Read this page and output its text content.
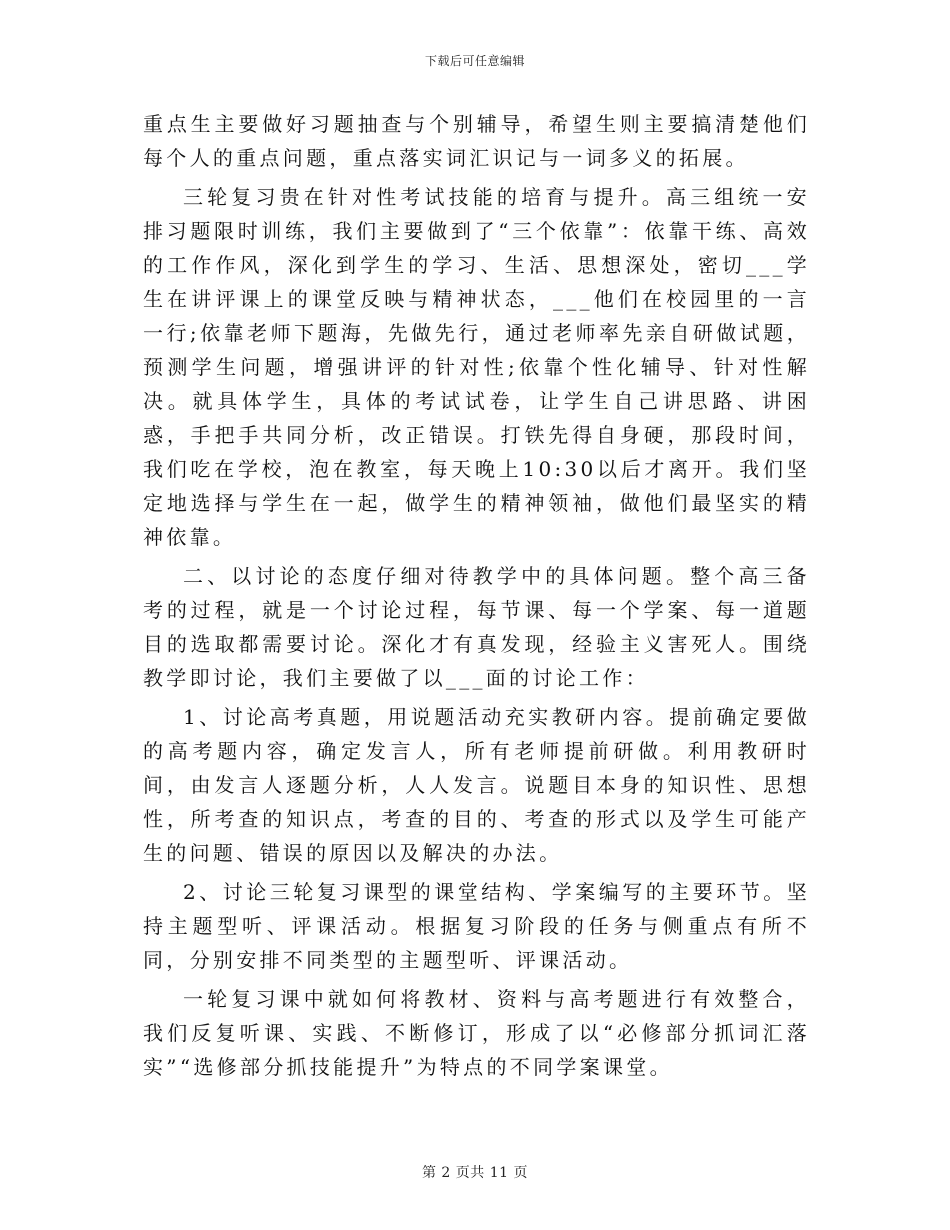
下载后可任意编辑

重点生主要做好习题抽查与个别辅导，希望生则主要搞清楚他们每个人的重点问题，重点落实词汇识记与一词多义的拓展。

三轮复习贵在针对性考试技能的培育与提升。高三组统一安排习题限时训练，我们主要做到了“三个依靠”：依靠干练、高效的工作作风，深化到学生的学习、生活、思想深处，密切___学生在讲评课上的课堂反映与精神状态，___他们在校园里的一言一行;依靠老师下题海，先做先行，通过老师率先亲自研做试题，预测学生问题，增强讲评的针对性;依靠个性化辅导、针对性解决。就具体学生，具体的考试试卷，让学生自己讲思路、讲困惑，手把手共同分析，改正错误。打铁先得自身硬，那段时间，我们吃在学校，泡在教室，每天晚上10:30以后才离开。我们坚定地选择与学生在一起，做学生的精神领袖，做他们最坚实的精神依靠。

二、以讨论的态度仔细对待教学中的具体问题。整个高三备考的过程，就是一个讨论过程，每节课、每一个学案、每一道题目的选取都需要讨论。深化才有真发现，经验主义害死人。围绕教学即讨论，我们主要做了以___面的讨论工作：

1、讨论高考真题，用说题活动充实教研内容。提前确定要做的高考题内容，确定发言人，所有老师提前研做。利用教研时间，由发言人逐题分析，人人发言。说题目本身的知识性、思想性，所考查的知识点，考查的目的、考查的形式以及学生可能产生的问题、错误的原因以及解决的办法。

2、讨论三轮复习课型的课堂结构、学案编写的主要环节。坚持主题型听、评课活动。根据复习阶段的任务与侧重点有所不同，分别安排不同类型的主题型听、评课活动。

一轮复习课中就如何将教材、资料与高考题进行有效整合，我们反复听课、实践、不断修订，形成了以“必修部分抓词汇落实”“选修部分抓技能提升”为特点的不同学案课堂。

第 2 页共 11 页
